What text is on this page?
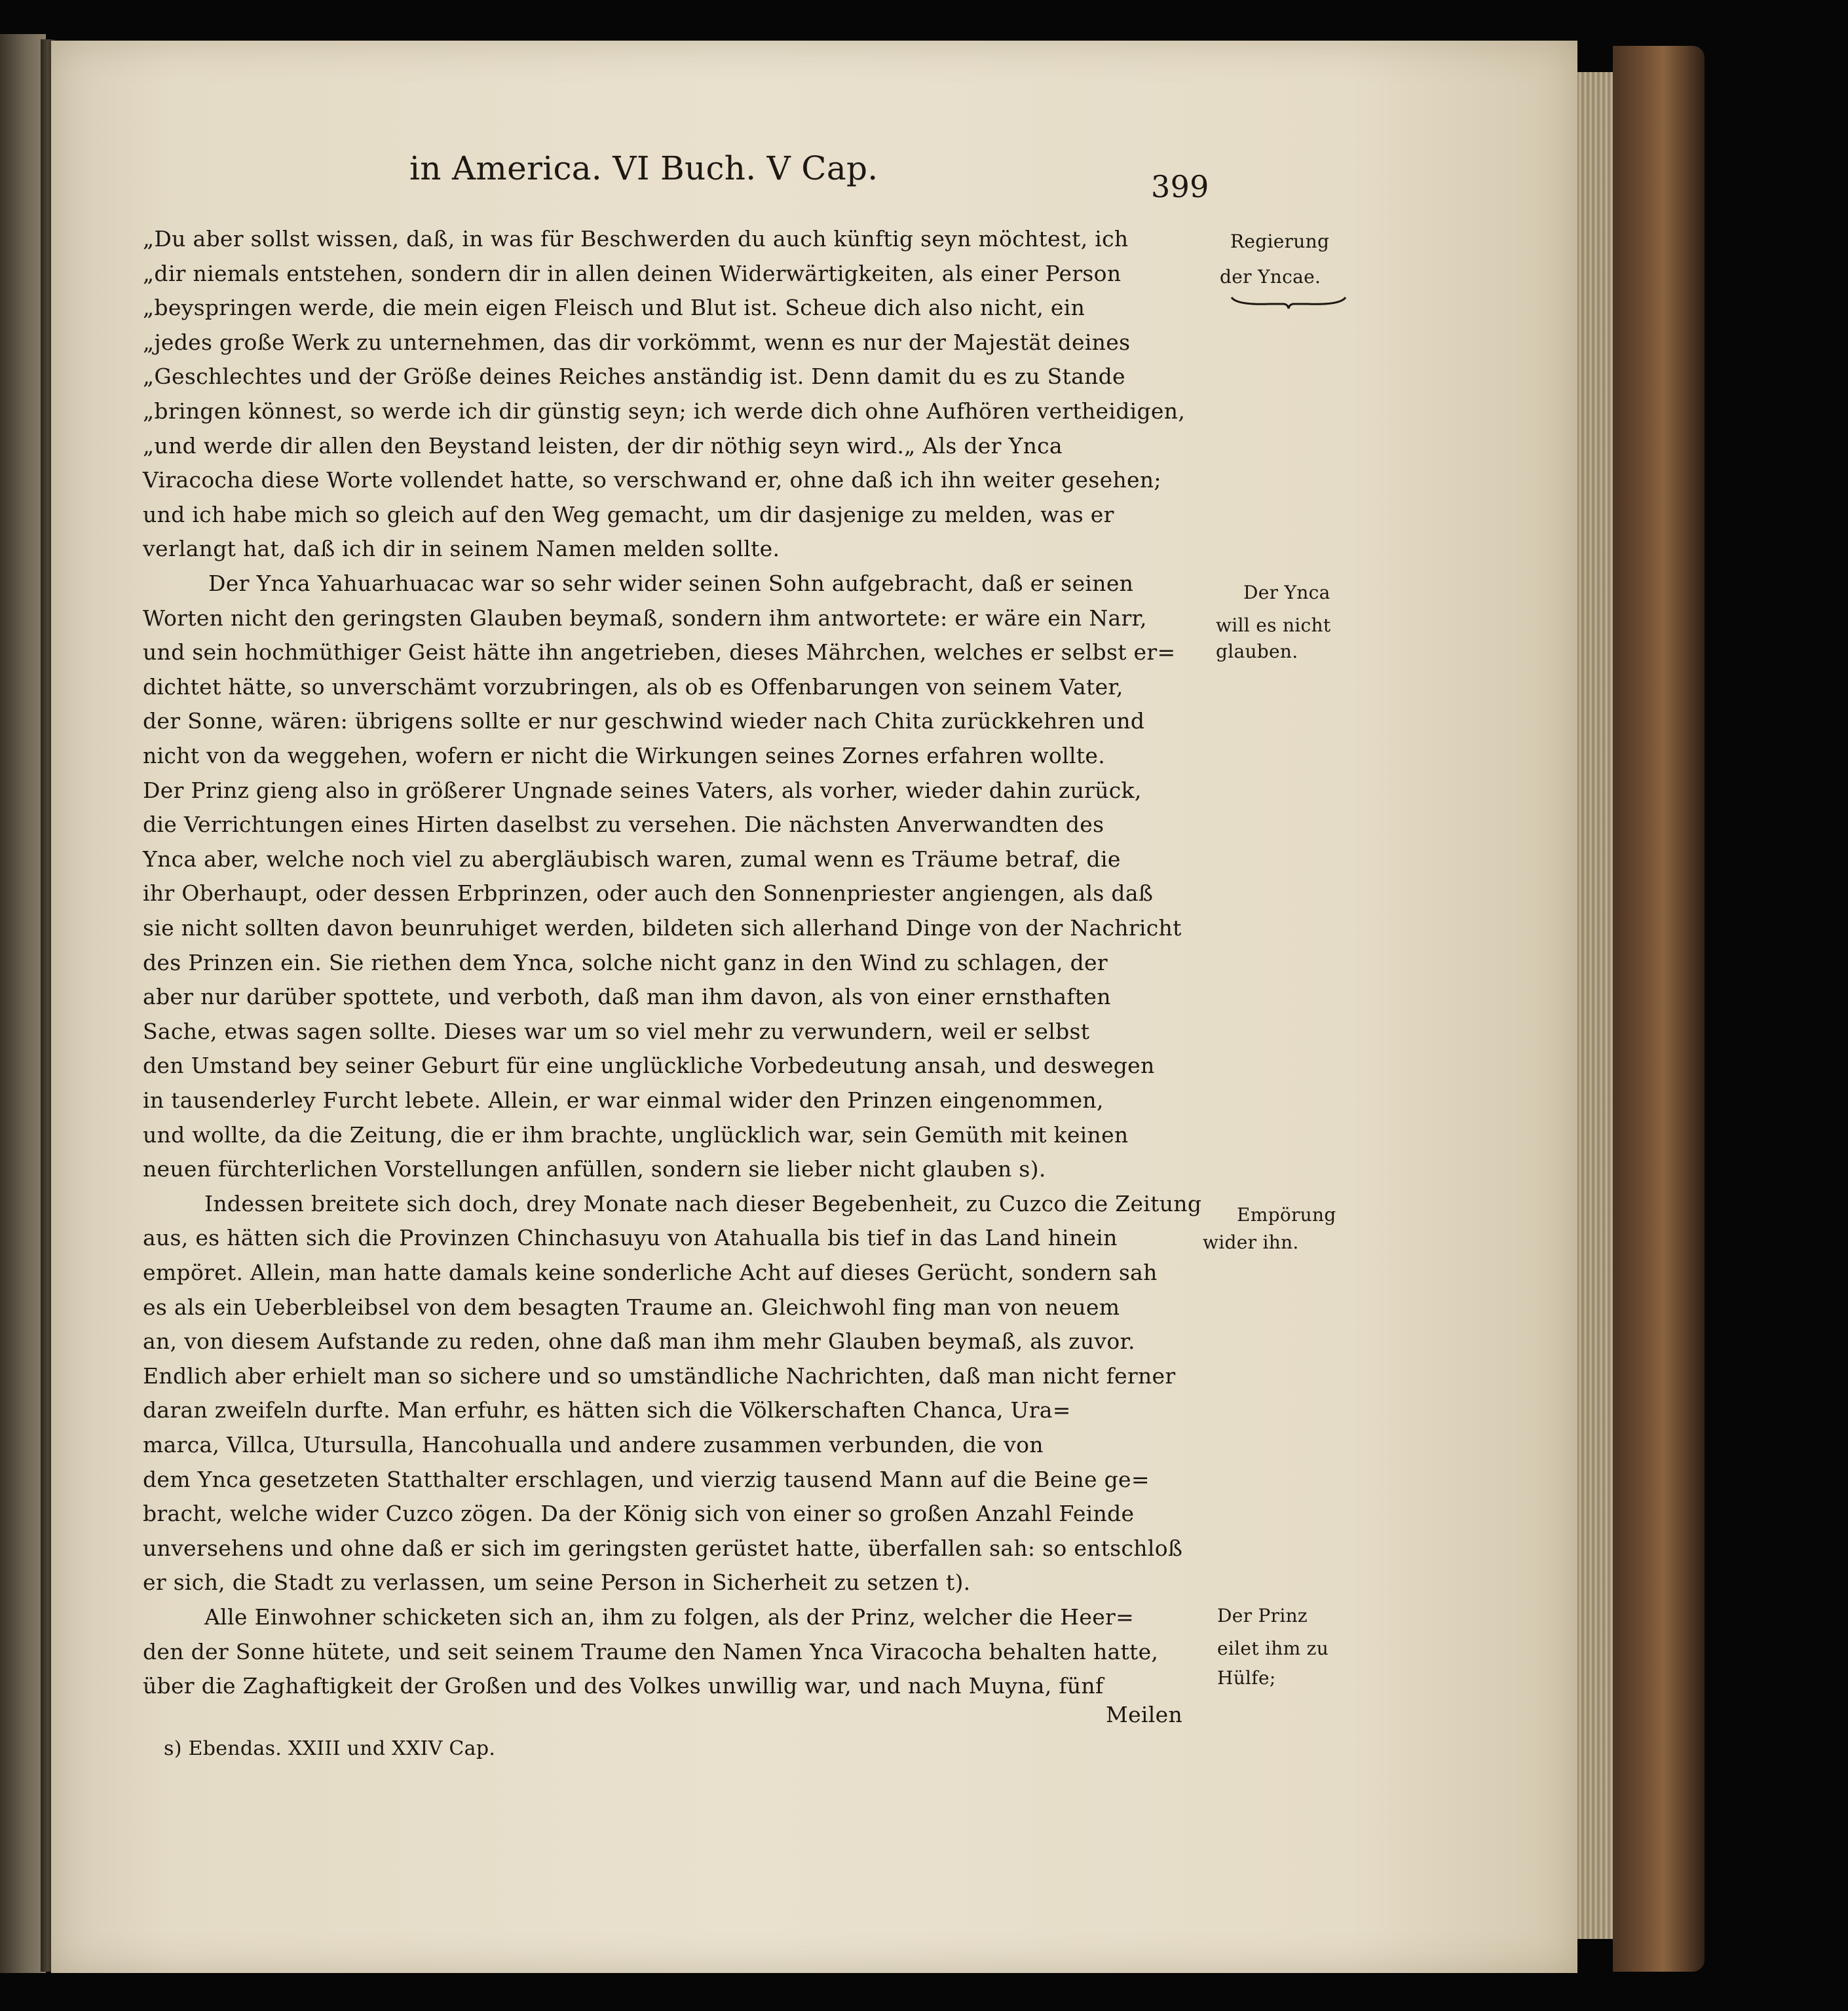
in America. VI Buch. V Cap.	399
„Du aber sollst wissen, daß, in was für Beschwerden du auch künftig seyn möchtest, ich
„dir niemals entstehen, sondern dir in allen deinen Widerwärtigkeiten, als einer Person
„beyspringen werde, die mein eigen Fleisch und Blut ist. Scheue dich also nicht, ein
„jedes große Werk zu unternehmen, das dir vorkömmt, wenn es nur der Majestät deines
„Geschlechtes und der Größe deines Reiches anständig ist. Denn damit du es zu Stande
„bringen könnest, so werde ich dir günstig seyn; ich werde dich ohne Aufhören vertheidigen,
„und werde dir allen den Beystand leisten, der dir nöthig seyn wird.„ Als der Ynca
Viracocha diese Worte vollendet hatte, so verschwand er, ohne daß ich ihn weiter gesehen;
und ich habe mich so gleich auf den Weg gemacht, um dir dasjenige zu melden, was er
verlangt hat, daß ich dir in seinem Namen melden sollte.
Der Ynca Yahuarhuacac war so sehr wider seinen Sohn aufgebracht, daß er seinen
Worten nicht den geringsten Glauben beymaß, sondern ihm antwortete: er wäre ein Narr,
und sein hochmüthiger Geist hätte ihn angetrieben, dieses Mährchen, welches er selbst er=
dichtet hätte, so unverschämt vorzubringen, als ob es Offenbarungen von seinem Vater,
der Sonne, wären: übrigens sollte er nur geschwind wieder nach Chita zurückkehren und
nicht von da weggehen, wofern er nicht die Wirkungen seines Zornes erfahren wollte.
Der Prinz gieng also in größerer Ungnade seines Vaters, als vorher, wieder dahin zurück,
die Verrichtungen eines Hirten daselbst zu versehen. Die nächsten Anverwandten des
Ynca aber, welche noch viel zu abergläubisch waren, zumal wenn es Träume betraf, die
ihr Oberhaupt, oder dessen Erbprinzen, oder auch den Sonnenpriester angiengen, als daß
sie nicht sollten davon beunruhiget werden, bildeten sich allerhand Dinge von der Nachricht
des Prinzen ein. Sie riethen dem Ynca, solche nicht ganz in den Wind zu schlagen, der
aber nur darüber spottete, und verboth, daß man ihm davon, als von einer ernsthaften
Sache, etwas sagen sollte. Dieses war um so viel mehr zu verwundern, weil er selbst
den Umstand bey seiner Geburt für eine unglückliche Vorbedeutung ansah, und deswegen
in tausenderley Furcht lebete. Allein, er war einmal wider den Prinzen eingenommen,
und wollte, da die Zeitung, die er ihm brachte, unglücklich war, sein Gemüth mit keinen
neuen fürchterlichen Vorstellungen anfüllen, sondern sie lieber nicht glauben s).
Indessen breitete sich doch, drey Monate nach dieser Begebenheit, zu Cuzco die Zeitung
aus, es hätten sich die Provinzen Chinchasuyu von Atahualla bis tief in das Land hinein
empöret. Allein, man hatte damals keine sonderliche Acht auf dieses Gerücht, sondern sah
es als ein Ueberbleibsel von dem besagten Traume an. Gleichwohl fing man von neuem
an, von diesem Aufstande zu reden, ohne daß man ihm mehr Glauben beymaß, als zuvor.
Endlich aber erhielt man so sichere und so umständliche Nachrichten, daß man nicht ferner
daran zweifeln durfte. Man erfuhr, es hätten sich die Völkerschaften Chanca, Ura=
marca, Villca, Utursulla, Hancohualla und andere zusammen verbunden, die von
dem Ynca gesetzeten Statthalter erschlagen, und vierzig tausend Mann auf die Beine ge=
bracht, welche wider Cuzco zögen. Da der König sich von einer so großen Anzahl Feinde
unversehens und ohne daß er sich im geringsten gerüstet hatte, überfallen sah: so entschloß
er sich, die Stadt zu verlassen, um seine Person in Sicherheit zu setzen t).
Alle Einwohner schicketen sich an, ihm zu folgen, als der Prinz, welcher die Heer=
den der Sonne hütete, und seit seinem Traume den Namen Ynca Viracocha behalten hatte,
über die Zaghaftigkeit der Großen und des Volkes unwillig war, und nach Muyna, fünf
Regierung
der Yncae.
Der Ynca
will es nicht
glauben.
Empörung
wider ihn.
Der Prinz
eilet ihm zu
Hülfe;
Meilen
s) Ebendas. XXIII und XXIV Cap.
